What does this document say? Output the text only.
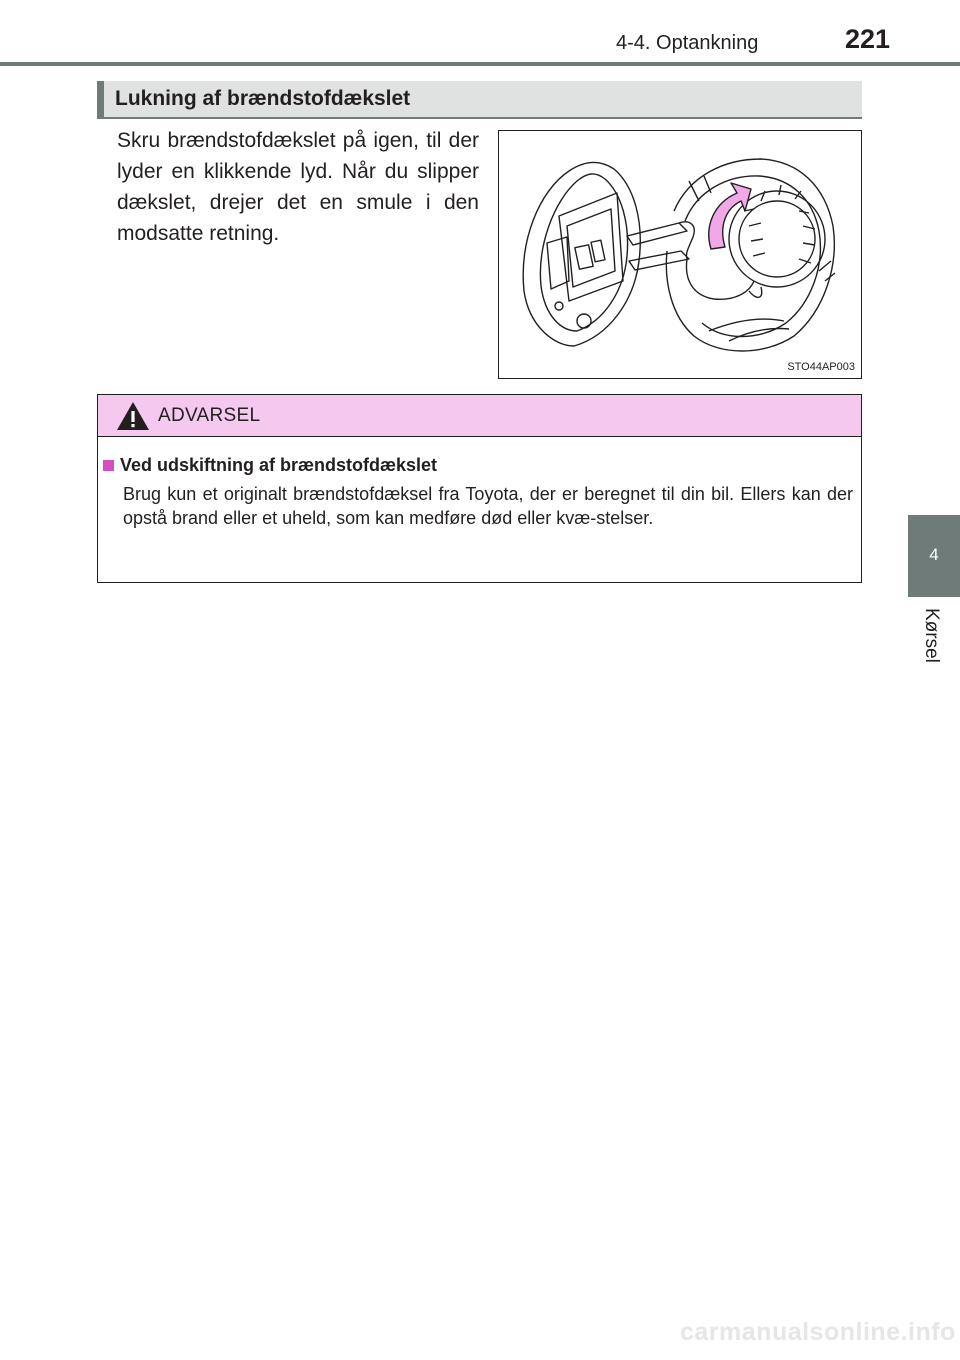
4-4. Optankning	221
4
Kørsel
Lukning af brændstofdækslet
Skru brændstofdækslet på igen, til der lyder en klikkende lyd. Når du slipper dækslet, drejer det en smule i den modsatte retning.
STO44AP003
ADVARSEL
Ved udskiftning af brændstofdækslet
Brug kun et originalt brændstofdæksel fra Toyota, der er beregnet til din bil. Ellers kan der opstå brand eller et uheld, som kan medføre død eller kvæ-stelser.
carmanualsonline.info
